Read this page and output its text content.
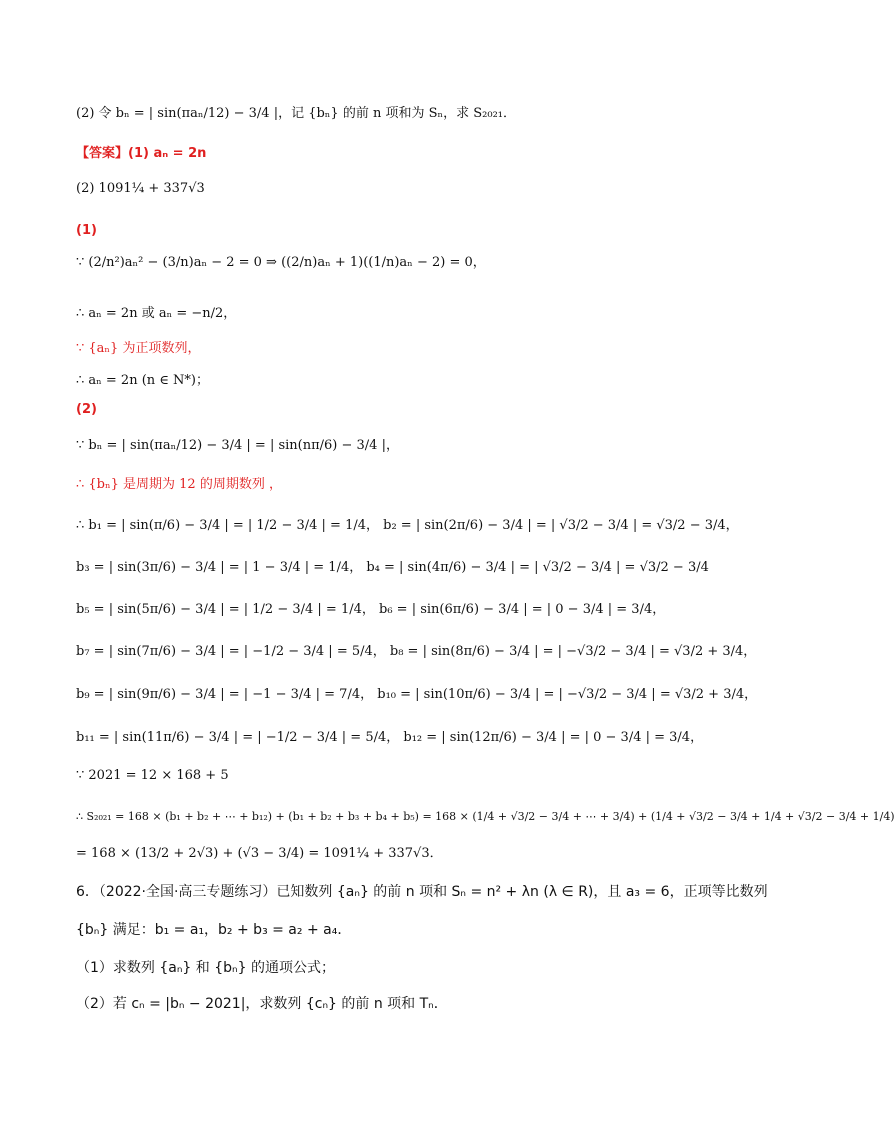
(2) 令 bₙ = | sin(πaₙ/12) − 3/4 |，记 {bₙ} 的前 n 项和为 Sₙ，求 S₂₀₂₁．
【答案】(1) aₙ = 2n
(2) 1091¼ + 337√3
(1)
∵ (2/n²)aₙ² − (3/n)aₙ − 2 = 0 ⇒ ((2/n)aₙ + 1)((1/n)aₙ − 2) = 0，
∴ aₙ = 2n 或 aₙ = −n/2，
∵ {aₙ} 为正项数列，
∴ aₙ = 2n (n ∈ N*)；
(2)
∵ bₙ = | sin(πaₙ/12) − 3/4 | = | sin(nπ/6) − 3/4 |，
∴ {bₙ} 是周期为 12 的周期数列 ，
∴ b₁ = | sin(π/6) − 3/4 | = | 1/2 − 3/4 | = 1/4， b₂ = | sin(2π/6) − 3/4 | = | √3/2 − 3/4 | = √3/2 − 3/4，
b₃ = | sin(3π/6) − 3/4 | = | 1 − 3/4 | = 1/4， b₄ = | sin(4π/6) − 3/4 | = | √3/2 − 3/4 | = √3/2 − 3/4
b₅ = | sin(5π/6) − 3/4 | = | 1/2 − 3/4 | = 1/4， b₆ = | sin(6π/6) − 3/4 | = | 0 − 3/4 | = 3/4，
b₇ = | sin(7π/6) − 3/4 | = | −1/2 − 3/4 | = 5/4， b₈ = | sin(8π/6) − 3/4 | = | −√3/2 − 3/4 | = √3/2 + 3/4，
b₉ = | sin(9π/6) − 3/4 | = | −1 − 3/4 | = 7/4， b₁₀ = | sin(10π/6) − 3/4 | = | −√3/2 − 3/4 | = √3/2 + 3/4，
b₁₁ = | sin(11π/6) − 3/4 | = | −1/2 − 3/4 | = 5/4， b₁₂ = | sin(12π/6) − 3/4 | = | 0 − 3/4 | = 3/4，
∵ 2021 = 12 × 168 + 5
∴ S₂₀₂₁ = 168 × (b₁ + b₂ + ⋯ + b₁₂) + (b₁ + b₂ + b₃ + b₄ + b₅) = 168 × (1/4 + √3/2 − 3/4 + ⋯ + 3/4) + (1/4 + √3/2 − 3/4 + 1/4 + √3/2 − 3/4 + 1/4)
= 168 × (13/2 + 2√3) + (√3 − 3/4) = 1091¼ + 337√3．
6．（2022·全国·高三专题练习）已知数列 {aₙ} 的前 n 项和 Sₙ = n² + λn (λ ∈ R)，且 a₃ = 6，正项等比数列
{bₙ} 满足：b₁ = a₁，b₂ + b₃ = a₂ + a₄．
（1）求数列 {aₙ} 和 {bₙ} 的通项公式；
（2）若 cₙ = |bₙ − 2021|，求数列 {cₙ} 的前 n 项和 Tₙ．
